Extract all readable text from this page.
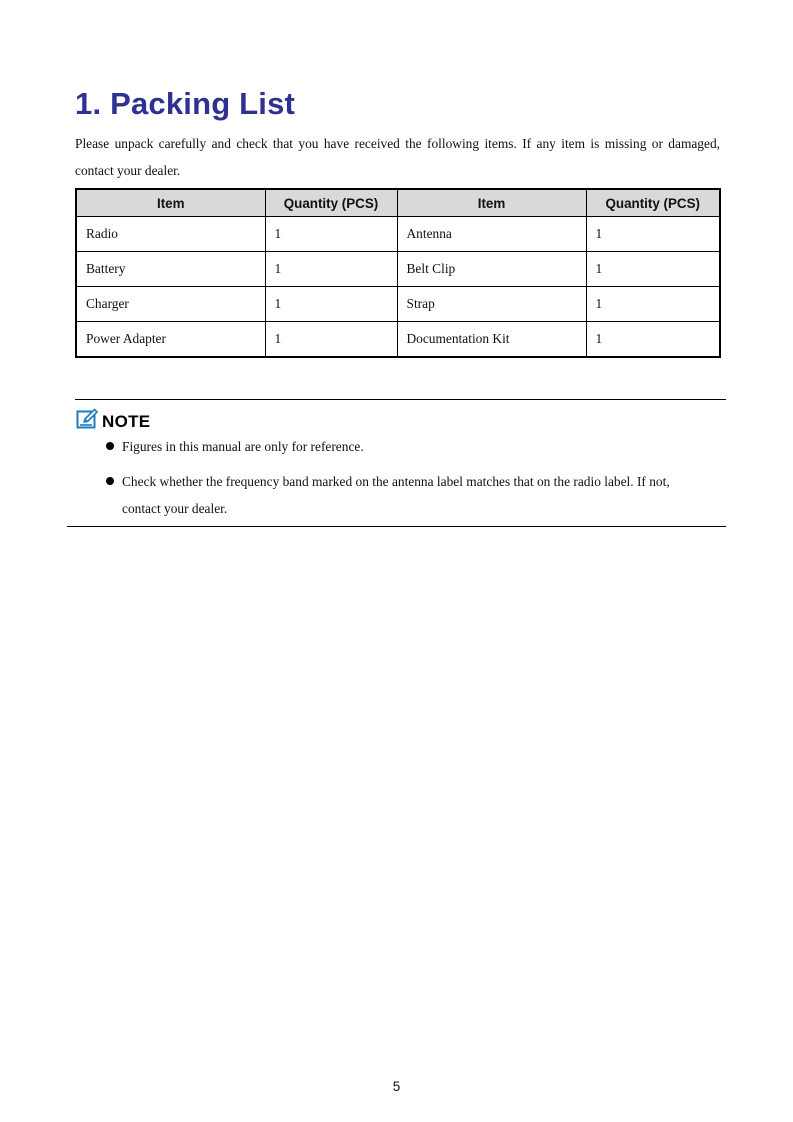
1. Packing List

Please unpack carefully and check that you have received the following items. If any item is missing or damaged, contact your dealer.

Item	Quantity (PCS)	Item	Quantity (PCS)
Radio	1	Antenna	1
Battery	1	Belt Clip	1
Charger	1	Strap	1
Power Adapter	1	Documentation Kit	1
NOTE
Figures in this manual are only for reference.
Check whether the frequency band marked on the antenna label matches that on the radio label. If not, contact your dealer.
5
